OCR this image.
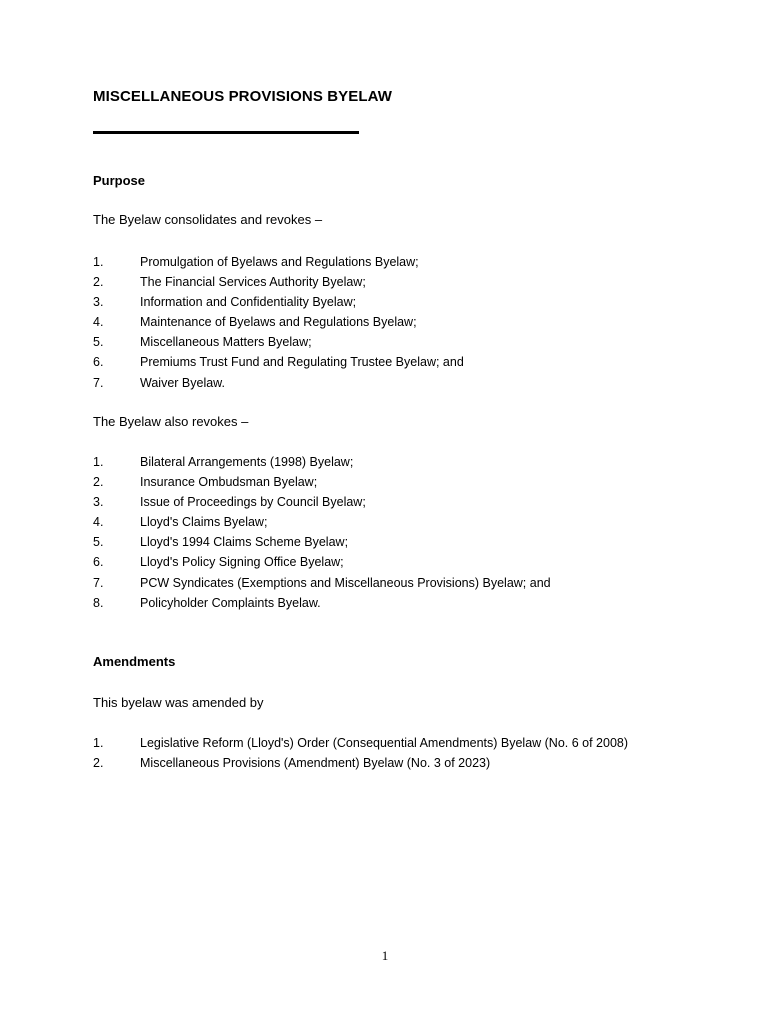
MISCELLANEOUS PROVISIONS BYELAW
Purpose
The Byelaw consolidates and revokes –
1.	Promulgation of Byelaws and Regulations Byelaw;
2.	The Financial Services Authority Byelaw;
3.	Information and Confidentiality Byelaw;
4.	Maintenance of Byelaws and Regulations Byelaw;
5.	Miscellaneous Matters Byelaw;
6.	Premiums Trust Fund and Regulating Trustee Byelaw; and
7.	Waiver Byelaw.
The Byelaw also revokes –
1.	Bilateral Arrangements (1998) Byelaw;
2.	Insurance Ombudsman Byelaw;
3.	Issue of Proceedings by Council Byelaw;
4.	Lloyd's Claims Byelaw;
5.	Lloyd's 1994 Claims Scheme Byelaw;
6.	Lloyd's Policy Signing Office Byelaw;
7.	PCW Syndicates (Exemptions and Miscellaneous Provisions) Byelaw; and
8.	Policyholder Complaints Byelaw.
Amendments
This byelaw was amended by
1.	Legislative Reform (Lloyd's) Order (Consequential Amendments) Byelaw (No. 6 of 2008)
2.	Miscellaneous Provisions (Amendment) Byelaw (No. 3 of 2023)
1
